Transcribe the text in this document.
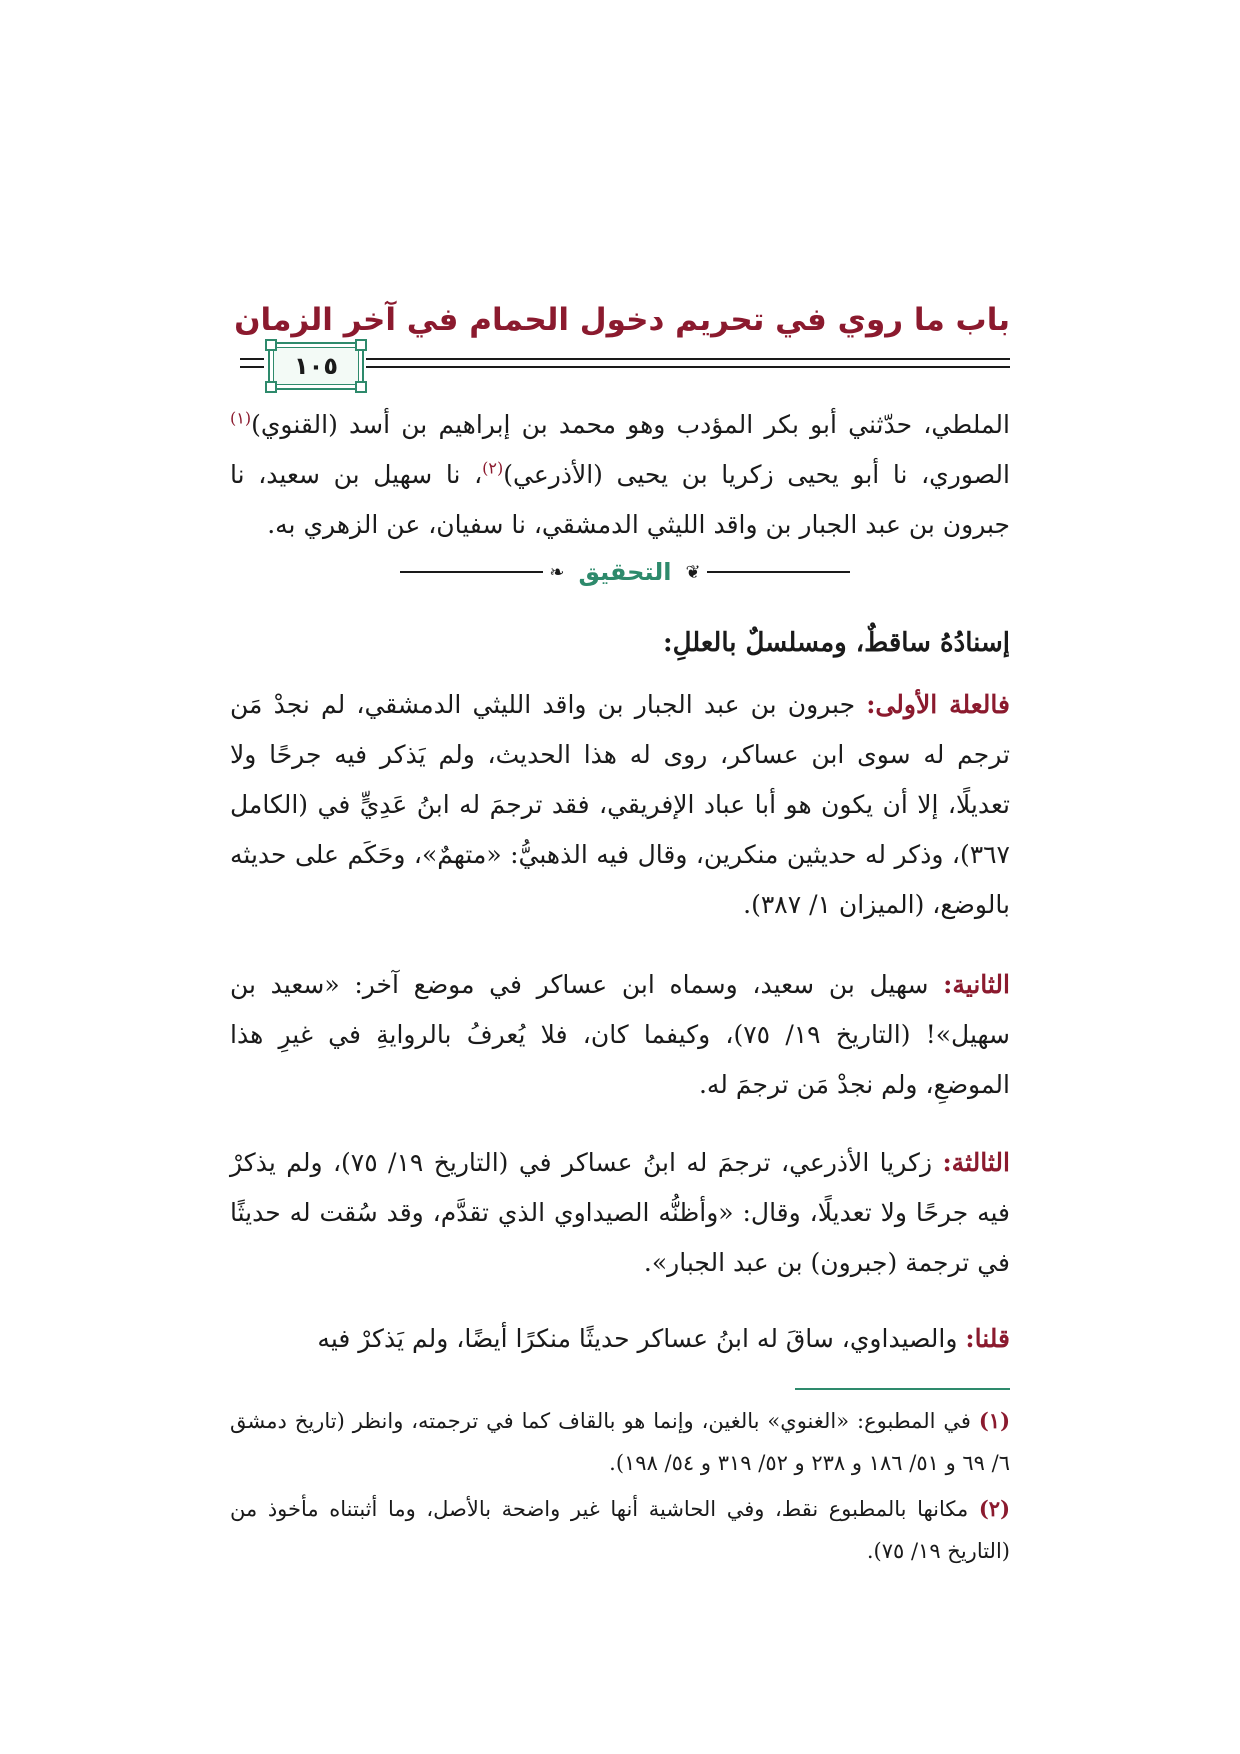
باب ما روي في تحريم دخول الحمام في آخر الزمان
١٠٥
الملطي، حدّثني أبو بكر المؤدب وهو محمد بن إبراهيم بن أسد (القنوي)$^{(١)}$ الصوري، نا أبو يحيى زكريا بن يحيى (الأذرعي)$^{(٢)}$، نا سهيل بن سعيد، نا جبرون بن عبد الجبار بن واقد الليثي الدمشقي، نا سفيان، عن الزهري به.
❦
التحقيق
❧
إسنادُهُ ساقطٌ، ومسلسلٌ بالعللِ:
فالعلة الأولى: جبرون بن عبد الجبار بن واقد الليثي الدمشقي، لم نجدْ مَن ترجم له سوى ابن عساكر، روى له هذا الحديث، ولم يَذكر فيه جرحًا ولا تعديلًا، إلا أن يكون هو أبا عباد الإفريقي، فقد ترجمَ له ابنُ عَدِيٍّ في (الكامل ٣٦٧)، وذكر له حديثين منكرين، وقال فيه الذهبيُّ: «متهمٌ»، وحَكَم على حديثه بالوضع، (الميزان ١/ ٣٨٧).
الثانية: سهيل بن سعيد، وسماه ابن عساكر في موضع آخر: «سعيد بن سهيل»! (التاريخ ١٩/ ٧٥)، وكيفما كان، فلا يُعرفُ بالروايةِ في غيرِ هذا الموضعِ، ولم نجدْ مَن ترجمَ له.
الثالثة: زكريا الأذرعي، ترجمَ له ابنُ عساكر في (التاريخ ١٩/ ٧٥)، ولم يذكرْ فيه جرحًا ولا تعديلًا، وقال: «وأظنُّه الصيداوي الذي تقدَّم، وقد سُقت له حديثًا في ترجمة (جبرون) بن عبد الجبار».
قلنا: والصيداوي، ساقَ له ابنُ عساكر حديثًا منكرًا أيضًا، ولم يَذكرْ فيه
(١) في المطبوع: «الغنوي» بالغين، وإنما هو بالقاف كما في ترجمته، وانظر (تاريخ دمشق ٦/ ٦٩ و ٥١/ ١٨٦ و ٢٣٨ و ٥٢/ ٣١٩ و ٥٤/ ١٩٨).
(٢) مكانها بالمطبوع نقط، وفي الحاشية أنها غير واضحة بالأصل، وما أثبتناه مأخوذ من (التاريخ ١٩/ ٧٥).
